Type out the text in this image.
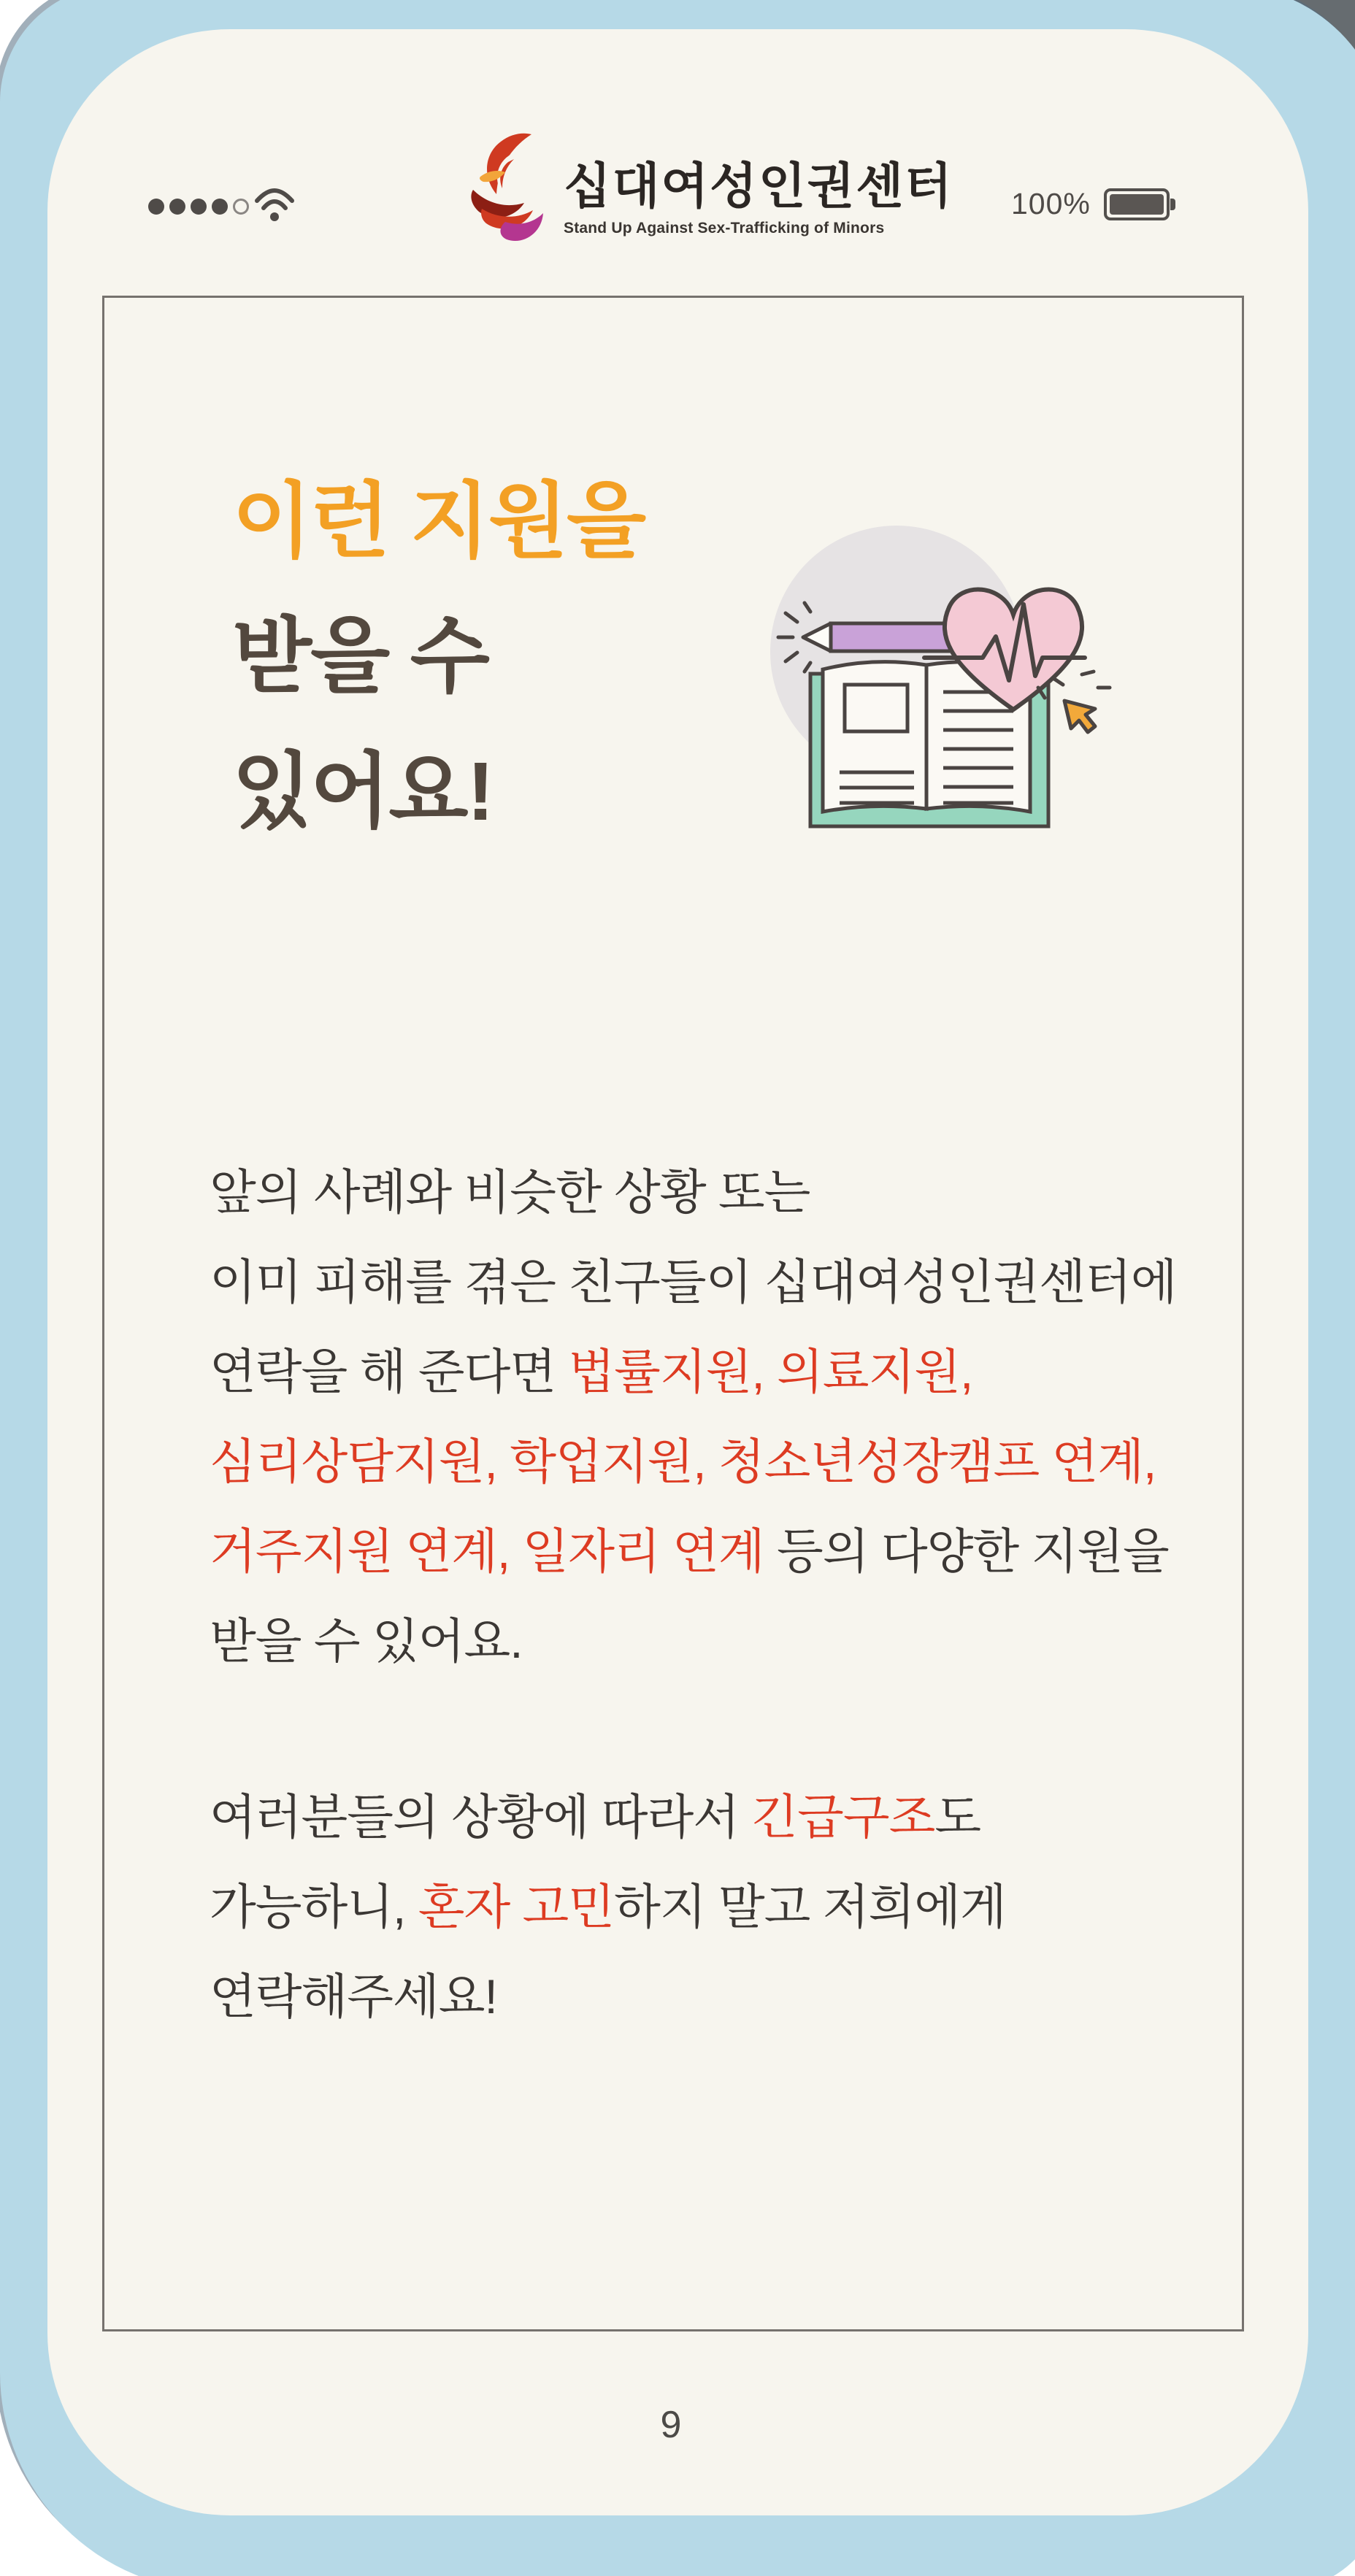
십대여성인권센터
Stand Up Against Sex-Trafficking of Minors
100%
이런 지원을
받을 수
있어요!
앞의 사례와 비슷한 상황 또는
이미 피해를 겪은 친구들이 십대여성인권센터에
연락을 해 준다면 법률지원, 의료지원,
심리상담지원, 학업지원, 청소년성장캠프 연계,
거주지원 연계, 일자리 연계 등의 다양한 지원을
받을 수 있어요.
여러분들의 상황에 따라서 긴급구조도
가능하니, 혼자 고민하지 말고 저희에게
연락해주세요!
9
